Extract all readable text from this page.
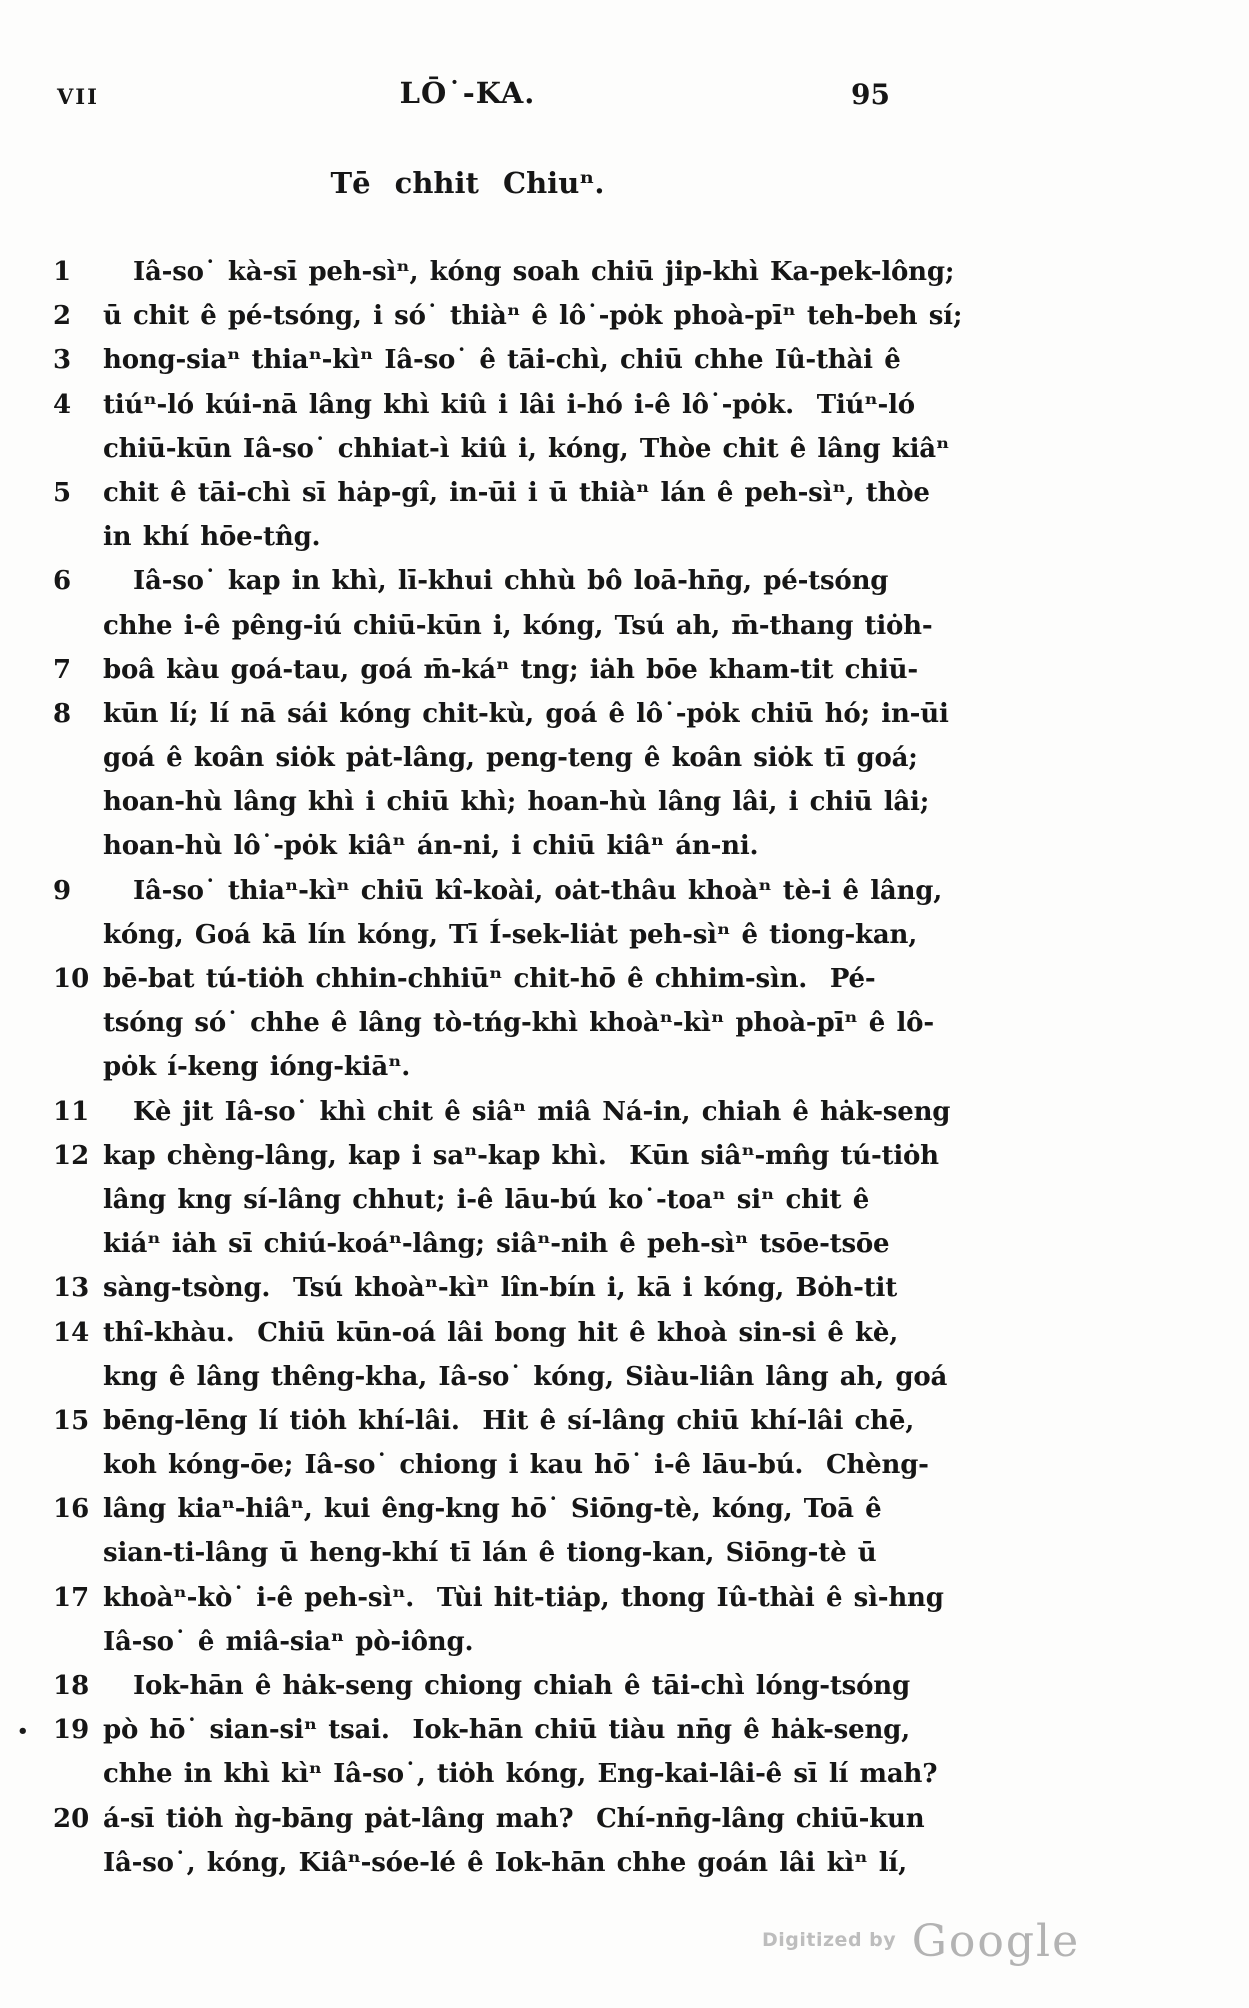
VII	LŌ˙-KA.	95
Tē chhit Chiuⁿ.
1 Iâ-so˙ kà-sī peh-sìⁿ, kóng soah chiū jip-khì Ka-pek-lông;
2 ū chit ê pé-tsóng, i só˙ thiàⁿ ê lô˙-pȯk phoà-pīⁿ teh-beh sí;
3 hong-siaⁿ thiaⁿ-kìⁿ Iâ-so˙ ê tāi-chì, chiū chhe Iû-thài ê
4 tiúⁿ-ló kúi-nā lâng khì kiû i lâi i-hó i-ê lô˙-pȯk.  Tiúⁿ-ló
chiū-kūn Iâ-so˙ chhiat-ì kiû i, kóng, Thòe chit ê lâng kiâⁿ
5 chit ê tāi-chì sī hȧp-gî, in-ūi i ū thiàⁿ lán ê peh-sìⁿ, thòe
in khí hōe-tn̂g.
6 Iâ-so˙ kap in khì, lī-khui chhù bô loā-hn̄g, pé-tsóng
chhe i-ê pêng-iú chiū-kūn i, kóng, Tsú ah, m̄-thang tiȯh-
7 boâ kàu goá-tau, goá m̄-káⁿ tng; iȧh bōe kham-tit chiū-
8 kūn lí; lí nā sái kóng chit-kù, goá ê lô˙-pȯk chiū hó; in-ūi
goá ê koân siȯk pȧt-lâng, peng-teng ê koân siȯk tī goá;
hoan-hù lâng khì i chiū khì; hoan-hù lâng lâi, i chiū lâi;
hoan-hù lô˙-pȯk kiâⁿ án-ni, i chiū kiâⁿ án-ni.
9 Iâ-so˙ thiaⁿ-kìⁿ chiū kî-koài, oȧt-thâu khoàⁿ tè-i ê lâng,
kóng, Goá kā lín kóng, Tī Í-sek-liȧt peh-sìⁿ ê tiong-kan,
10 bē-bat tú-tiȯh chhin-chhiūⁿ chit-hō ê chhim-sìn.  Pé-
tsóng só˙ chhe ê lâng tò-tńg-khì khoàⁿ-kìⁿ phoà-pīⁿ ê lô-
pȯk í-keng ióng-kiāⁿ.
11 Kè jit Iâ-so˙ khì chit ê siâⁿ miâ Ná-in, chiah ê hȧk-seng
12 kap chèng-lâng, kap i saⁿ-kap khì.  Kūn siâⁿ-mn̂g tú-tiȯh
lâng kng sí-lâng chhut; i-ê lāu-bú ko˙-toaⁿ siⁿ chit ê
kiáⁿ iȧh sī chiú-koáⁿ-lâng; siâⁿ-nih ê peh-sìⁿ tsōe-tsōe
13 sàng-tsòng.  Tsú khoàⁿ-kìⁿ lîn-bín i, kā i kóng, Bȯh-tit
14 thî-khàu.  Chiū kūn-oá lâi bong hit ê khoà sin-si ê kè,
kng ê lâng thêng-kha, Iâ-so˙ kóng, Siàu-liân lâng ah, goá
15 bēng-lēng lí tiȯh khí-lâi.  Hit ê sí-lâng chiū khí-lâi chē,
koh kóng-ōe; Iâ-so˙ chiong i kau hō˙ i-ê lāu-bú.  Chèng-
16 lâng kiaⁿ-hiâⁿ, kui êng-kng hō˙ Siōng-tè, kóng, Toā ê
sian-ti-lâng ū heng-khí tī lán ê tiong-kan, Siōng-tè ū
17 khoàⁿ-kò˙ i-ê peh-sìⁿ.  Tùi hit-tiȧp, thong Iû-thài ê sì-hng
Iâ-so˙ ê miâ-siaⁿ pò-iông.
18 Iok-hān ê hȧk-seng chiong chiah ê tāi-chì lóng-tsóng
• 19 pò hō˙ sian-siⁿ tsai.  Iok-hān chiū tiàu nn̄g ê hȧk-seng,
chhe in khì kìⁿ Iâ-so˙, tiȯh kóng, Eng-kai-lâi-ê sī lí mah?
20 á-sī tiȯh ǹg-bāng pȧt-lâng mah?  Chí-nn̄g-lâng chiū-kun
Iâ-so˙, kóng, Kiâⁿ-sóe-lé ê Iok-hān chhe goán lâi kìⁿ lí,
Digitized by Google
